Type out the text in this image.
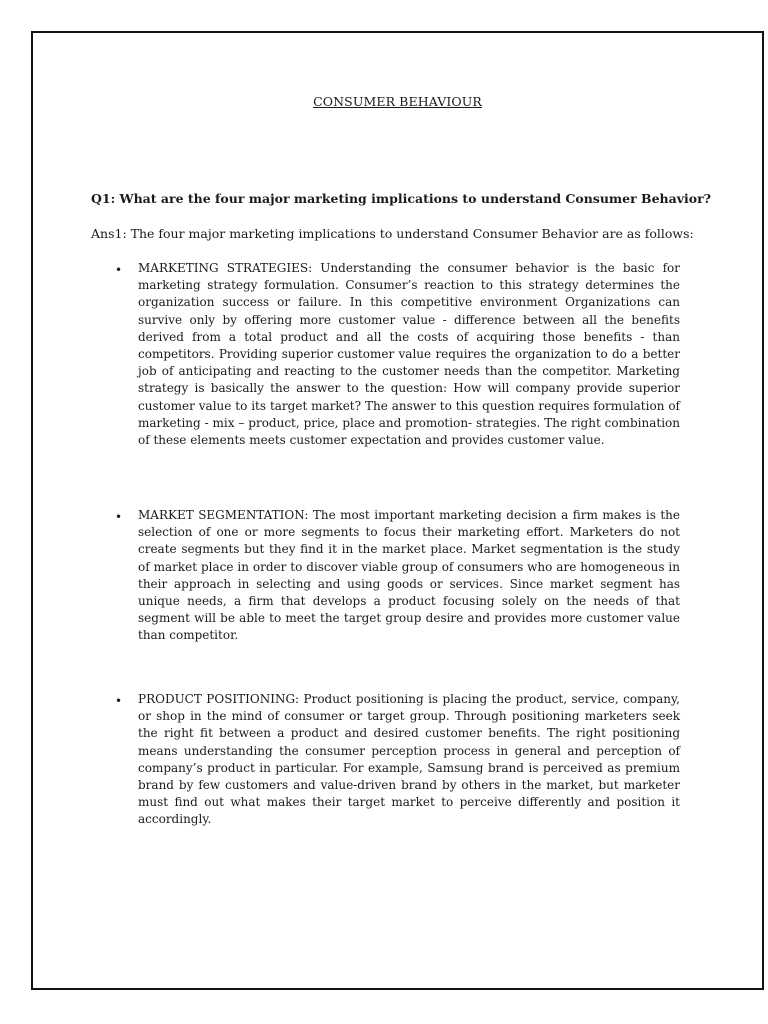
CONSUMER BEHAVIOUR
Q1: What are the four major marketing implications to understand Consumer Behavior?
Ans1: The four major marketing implications to understand Consumer Behavior are as follows:
• MARKETING STRATEGIES: Understanding the consumer behavior is the basic for marketing strategy formulation. Consumer’s reaction to this strategy determines the organization success or failure. In this competitive environment Organizations can survive only by offering more customer value - difference between all the benefits derived from a total product and all the costs of acquiring those benefits - than competitors. Providing superior customer value requires the organization to do a better job of anticipating and reacting to the customer needs than the competitor. Marketing strategy is basically the answer to the question: How will company provide superior customer value to its target market? The answer to this question requires formulation of marketing - mix – product, price, place and promotion- strategies. The right combination of these elements meets customer expectation and provides customer value.
• MARKET SEGMENTATION: The most important marketing decision a firm makes is the selection of one or more segments to focus their marketing effort. Marketers do not create segments but they find it in the market place. Market segmentation is the study of market place in order to discover viable group of consumers who are homogeneous in their approach in selecting and using goods or services. Since market segment has unique needs, a firm that develops a product focusing solely on the needs of that segment will be able to meet the target group desire and provides more customer value than competitor.
• PRODUCT POSITIONING: Product positioning is placing the product, service, company, or shop in the mind of consumer or target group. Through positioning marketers seek the right fit between a product and desired customer benefits. The right positioning means understanding the consumer perception process in general and perception of company’s product in particular. For example, Samsung brand is perceived as premium brand by few customers and value-driven brand by others in the market, but marketer must find out what makes their target market to perceive differently and position it accordingly.
